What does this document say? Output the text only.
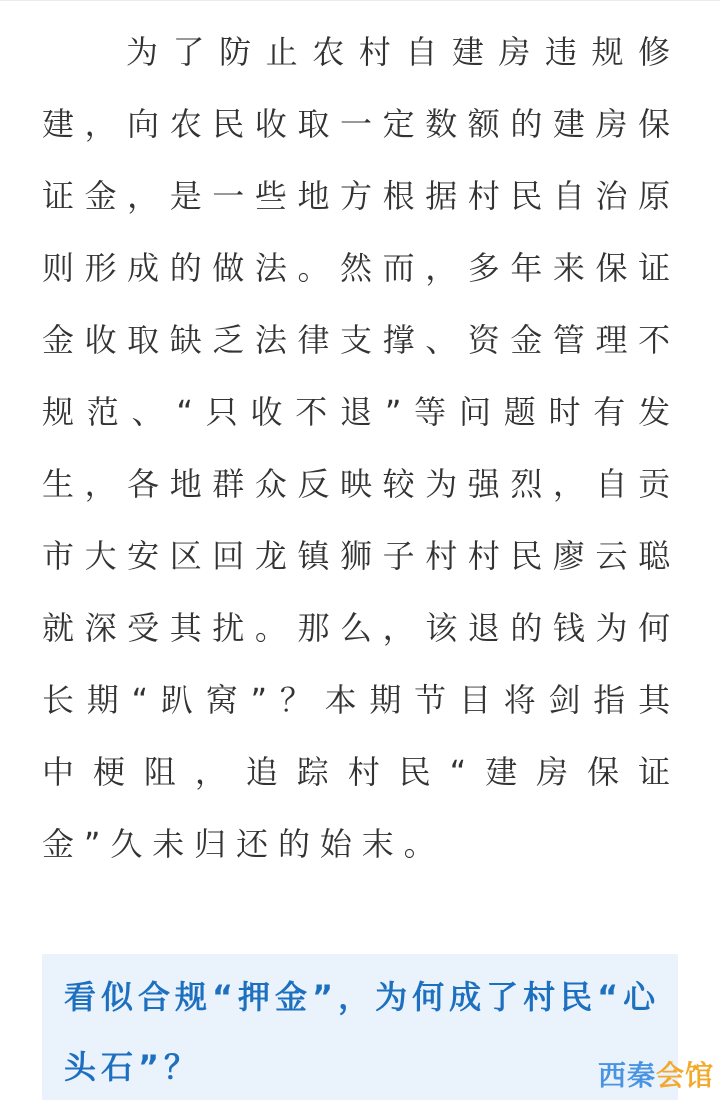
为了防止农村自建房违规修建，向农民收取一定数额的建房保证金，是一些地方根据村民自治原则形成的做法。然而，多年来保证金收取缺乏法律支撑、资金管理不规范、“只收不退”等问题时有发生，各地群众反映较为强烈，自贡市大安区回龙镇狮子村村民廖云聪就深受其扰。那么，该退的钱为何长期“趴窝”？本期节目将剑指其中梗阻，追踪村民“建房保证金”久未归还的始末。

看似合规“押金”，为何成了村民“心头石”？	西秦 会馆
